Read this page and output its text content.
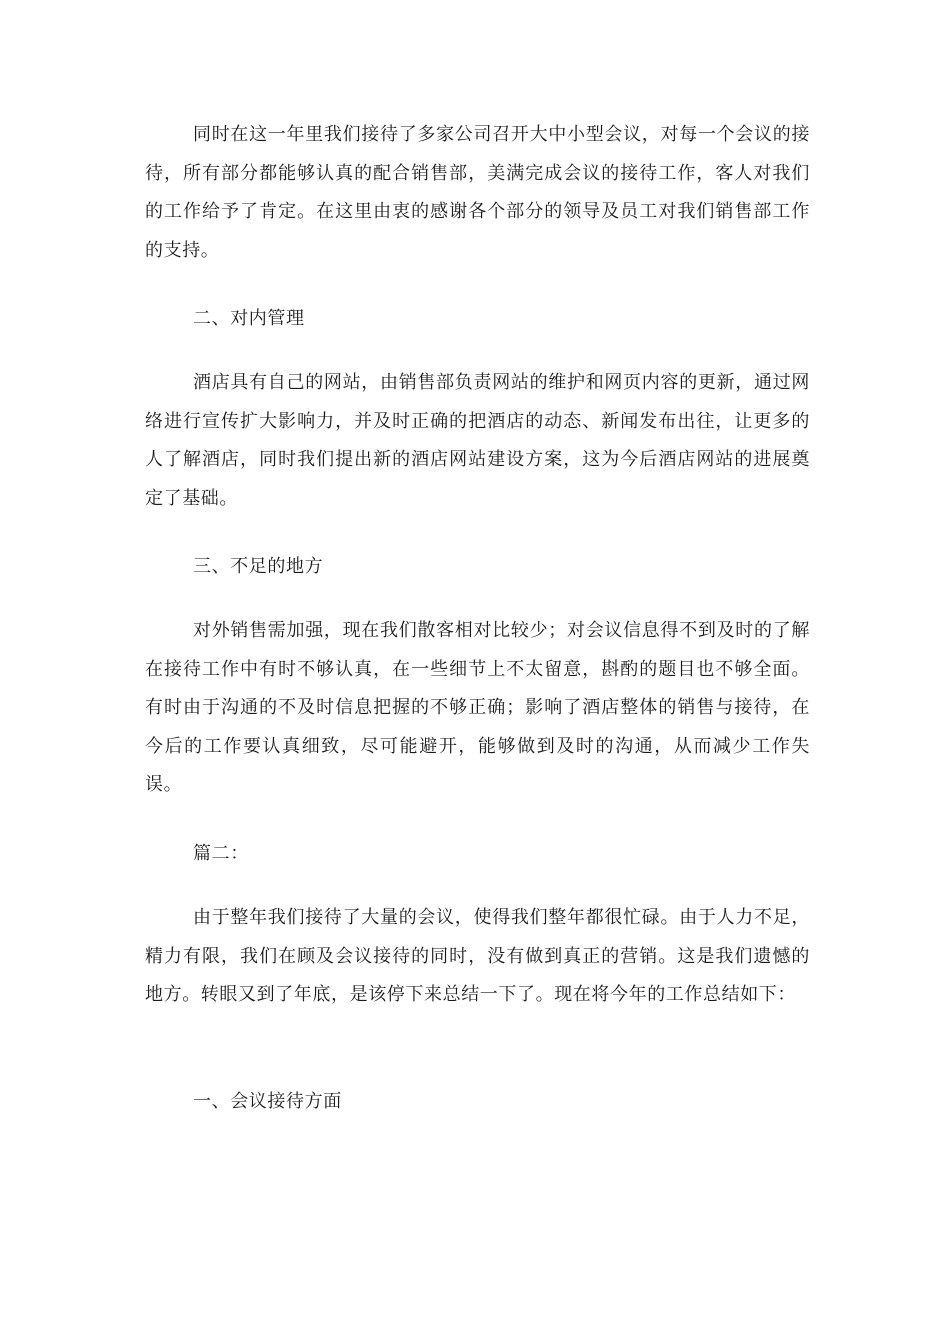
同时在这一年里我们接待了多家公司召开大中小型会议，对每一个会议的接待，所有部分都能够认真的配合销售部，美满完成会议的接待工作，客人对我们的工作给予了肯定。在这里由衷的感谢各个部分的领导及员工对我们销售部工作的支持。

二、对内管理

酒店具有自己的网站，由销售部负责网站的维护和网页内容的更新，通过网络进行宣传扩大影响力，并及时正确的把酒店的动态、新闻发布出往，让更多的人了解酒店，同时我们提出新的酒店网站建设方案，这为今后酒店网站的进展奠定了基础。

三、不足的地方

对外销售需加强，现在我们散客相对比较少；对会议信息得不到及时的了解在接待工作中有时不够认真，在一些细节上不太留意，斟酌的题目也不够全面。有时由于沟通的不及时信息把握的不够正确；影响了酒店整体的销售与接待，在今后的工作要认真细致，尽可能避开，能够做到及时的沟通，从而减少工作失误。

篇二：

由于整年我们接待了大量的会议，使得我们整年都很忙碌。由于人力不足，精力有限，我们在顾及会议接待的同时，没有做到真正的营销。这是我们遗憾的地方。转眼又到了年底，是该停下来总结一下了。现在将今年的工作总结如下：

一、会议接待方面
